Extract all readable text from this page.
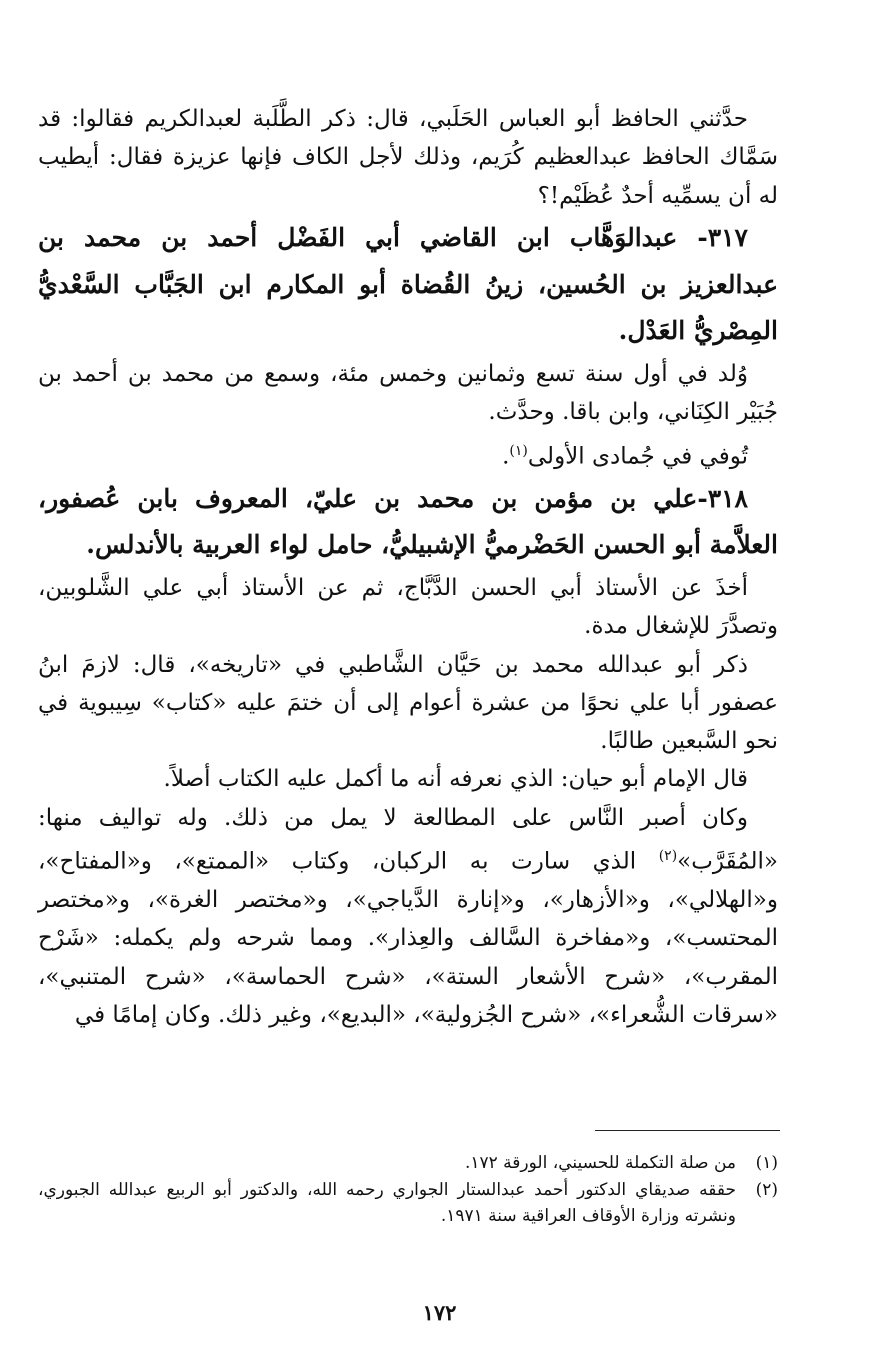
حدَّثني الحافظ أبو العباس الحَلَبي، قال: ذكر الطَّلَبة لعبدالكريم فقالوا: قد سَمَّاك الحافظ عبدالعظيم كُرَيم، وذلك لأجل الكاف فإنها عزيزة فقال: أيطيب له أن يسمِّيه أحدٌ عُظَيْم!؟

٣١٧- عبدالوَهَّاب ابن القاضي أبي الفَضْل أحمد بن محمد بن عبدالعزيز بن الحُسين، زينُ القُضاة أبو المكارم ابن الجَبَّاب السَّعْديُّ المِصْريُّ العَدْل.

وُلد في أول سنة تسع وثمانين وخمس مئة، وسمع من محمد بن أحمد بن جُبَيْر الكِنَاني، وابن باقا. وحدَّث.

تُوفي في جُمادى الأولى$^{(١)}$.

٣١٨-علي بن مؤمن بن محمد بن عليّ، المعروف بابن عُصفور، العلاَّمة أبو الحسن الحَضْرميُّ الإشبيليُّ، حامل لواء العربية بالأندلس.

أخذَ عن الأستاذ أبي الحسن الدَّبَّاج، ثم عن الأستاذ أبي علي الشَّلوبين، وتصدَّرَ للإشغال مدة.

ذكر أبو عبدالله محمد بن حَيَّان الشَّاطبي في «تاريخه»، قال: لازمَ ابنُ عصفور أبا علي نحوًا من عشرة أعوام إلى أن ختمَ عليه «كتاب» سِيبوية في نحو السَّبعين طالبًا.

قال الإمام أبو حيان: الذي نعرفه أنه ما أكمل عليه الكتاب أصلاً.

وكان أصبر النَّاس على المطالعة لا يمل من ذلك. وله تواليف منها: «المُقَرَّب»$^{(٢)}$ الذي سارت به الركبان، وكتاب «الممتع»، و«المفتاح»، و«الهلالي»، و«الأزهار»، و«إنارة الدَّياجي»، و«مختصر الغرة»، و«مختصر المحتسب»، و«مفاخرة السَّالف والعِذار». ومما شرحه ولم يكمله: «شَرْح المقرب»، «شرح الأشعار الستة»، «شرح الحماسة»، «شرح المتنبي»، «سرقات الشُّعراء»، «شرح الجُزولية»، «البديع»، وغير ذلك. وكان إمامًا في

(١)
من صلة التكملة للحسيني، الورقة ١٧٢.
(٢)
حققه صديقاي الدكتور أحمد عبدالستار الجواري رحمه الله، والدكتور أبو الربيع عبدالله الجبوري، ونشرته وزارة الأوقاف العراقية سنة ١٩٧١.
١٧٢
